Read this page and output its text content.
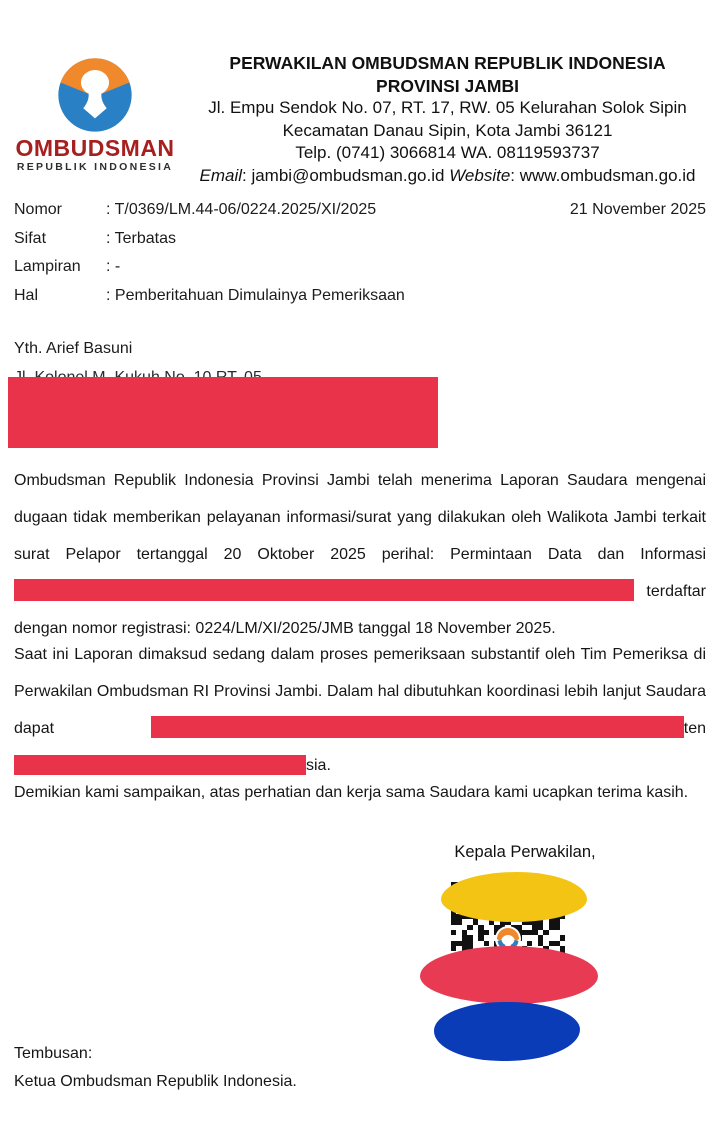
OMBUDSMAN
REPUBLIK INDONESIA
PERWAKILAN OMBUDSMAN REPUBLIK INDONESIA
PROVINSI JAMBI
Jl. Empu Sendok No. 07, RT. 17, RW. 05 Kelurahan Solok Sipin
Kecamatan Danau Sipin, Kota Jambi 36121
Telp. (0741) 3066814 WA. 08119593737
Email: jambi@ombudsman.go.id Website: www.ombudsman.go.id
21 November 2025
Nomor	: T/0369/LM.44-06/0224.2025/XI/2025
Sifat	: Terbatas
Lampiran	: -
Hal	: Pemberitahuan Dimulainya Pemeriksaan
Yth. Arief Basuni
Ombudsman Republik Indonesia Provinsi Jambi telah menerima Laporan Saudara mengenai dugaan tidak memberikan pelayanan informasi/surat yang dilakukan oleh Walikota Jambi terkait surat Pelapor tertanggal 20 Oktober 2025 perihal: Permintaan Data dan Informasi  terdaftar dengan nomor registrasi: 0224/LM/XI/2025/JMB tanggal 18 November 2025.
Saat ini Laporan dimaksud sedang dalam proses pemeriksaan substantif oleh Tim Pemeriksa di Perwakilan Ombudsman RI Provinsi Jambi. Dalam hal dibutuhkan koordinasi lebih lanjut Saudara dapat	ten sia.
Demikian kami sampaikan, atas perhatian dan kerja sama Saudara kami ucapkan terima kasih.
Kepala Perwakilan,
Tembusan:
Ketua Ombudsman Republik Indonesia.
